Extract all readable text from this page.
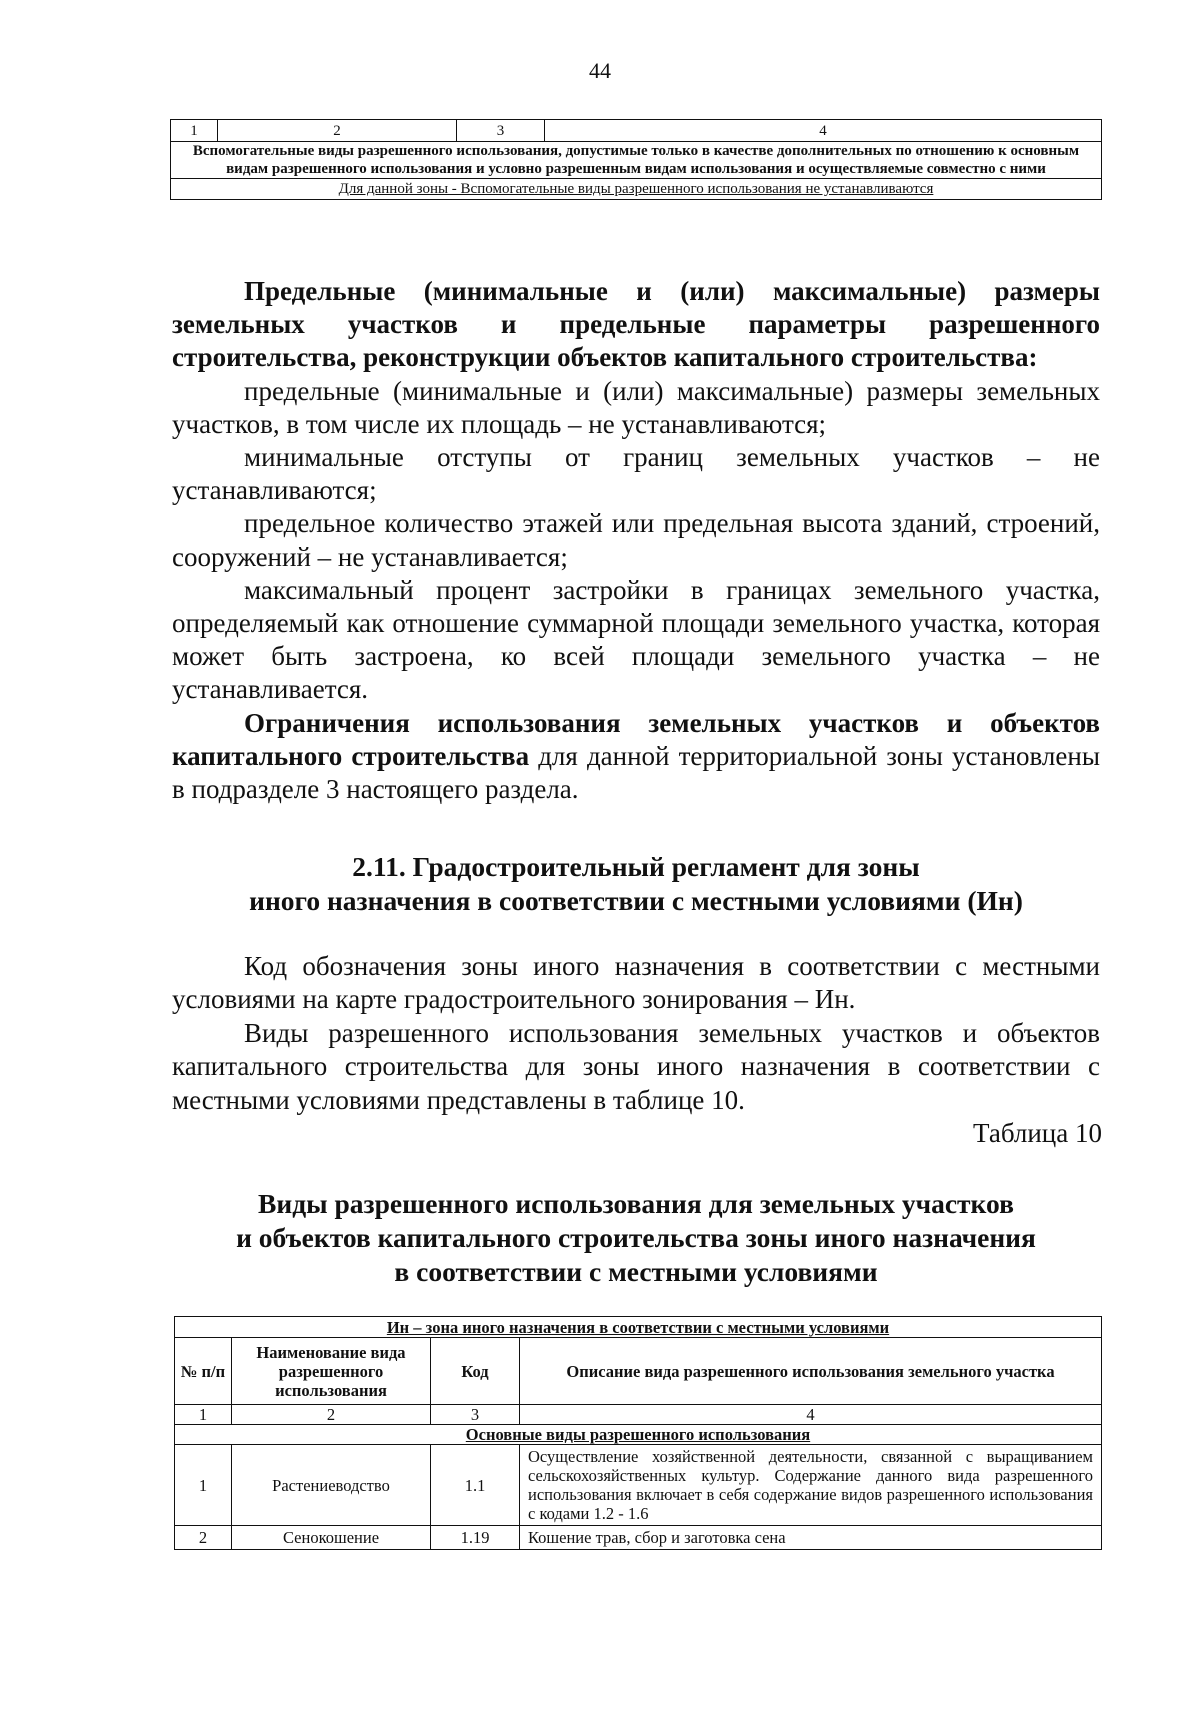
44
1	2	3	4
Вспомогательные виды разрешенного использования, допустимые только в качестве дополнительных по отношению к основным видам разрешенного использования и условно разрешенным видам использования и осуществляемые совместно с ними
Для данной зоны - Вспомогательные виды разрешенного использования не устанавливаются

Предельные (минимальные и (или) максимальные) размеры земельных участков и предельные параметры разрешенного строительства, реконструкции объектов капитального строительства:

предельные (минимальные и (или) максимальные) размеры земельных участков, в том числе их площадь – не устанавливаются;

минимальные отступы от границ земельных участков – не устанавливаются;

предельное количество этажей или предельная высота зданий, строений, сооружений – не устанавливается;

максимальный процент застройки в границах земельного участка, определяемый как отношение суммарной площади земельного участка, которая может быть застроена, ко всей площади земельного участка – не устанавливается.

Ограничения использования земельных участков и объектов капитального строительства для данной территориальной зоны установлены в подразделе 3 настоящего раздела.

2.11. Градостроительный регламент для зоны
иного назначения в соответствии с местными условиями (Ин)

Код обозначения зоны иного назначения в соответствии с местными условиями на карте градостроительного зонирования – Ин.

Виды разрешенного использования земельных участков и объектов капитального строительства для зоны иного назначения в соответствии с местными условиями представлены в таблице 10.

Таблица 10
Виды разрешенного использования для земельных участков
и объектов капитального строительства зоны иного назначения
в соответствии с местными условиями
Ин – зона иного назначения в соответствии с местными условиями			
№ п/п	Наименование вида разрешенного использования	Код	Описание вида разрешенного использования земельного участка
1	2	3	4
Основные виды разрешенного использования			
1	Растениеводство	1.1	Осуществление хозяйственной деятельности, связанной с выращиванием сельскохозяйственных культур. Содержание данного вида разрешенного использования включает в себя содержание видов разрешенного использования с кодами 1.2 - 1.6
2	Сенокошение	1.19	Кошение трав, сбор и заготовка сена
